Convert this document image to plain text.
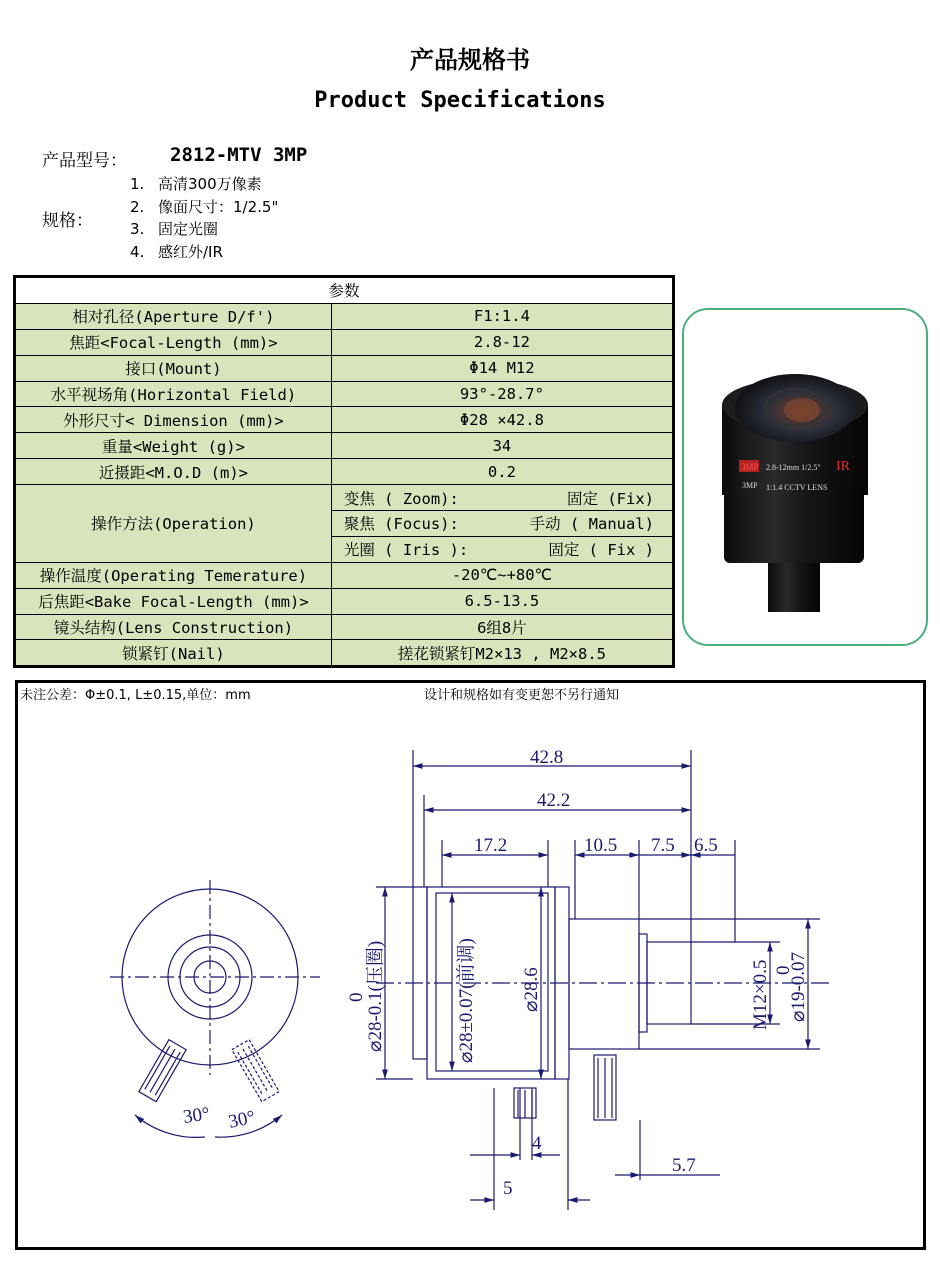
产品规格书
Product Specifications
产品型号： 2812-MTV 3MP
规格：
1. 高清300万像素
2. 像面尺寸：1/2.5"
3. 固定光圈
4. 感红外/IR
参数	
相对孔径(Aperture D/f')	F1:1.4
焦距<Focal-Length (mm)>	2.8-12
接口(Mount)	Φ14 M12
水平视场角(Horizontal Field)	93°-28.7°
外形尺寸< Dimension (mm)>	Φ28 ×42.8
重量<Weight (g)>	34
近摄距<M.O.D (m)>	0.2
操作方法(Operation)	变焦 ( Zoom): 固定 (Fix)

	聚焦 (Focus): 手动 ( Manual)

	光圈 ( Iris ): 固定 ( Fix )

操作温度(Operating Temerature)	-20℃~+80℃
后焦距<Bake Focal-Length (mm)>	6.5-13.5
镜头结构(Lens Construction)	6组8片
锁紧钉(Nail)	搓花锁紧钉M2×13 , M2×8.5
3MP
3MP
2.8-12mm 1/2.5"
1:1.4 CCTV LENS
IR
未注公差：Φ±0.1, L±0.15,单位：mm	设计和规格如有变更恕不另行通知
42.8
42.2
17.2	10.5 7.5 6.5
4
5
5.7
30° 30°
⌀28-0.1(压圈)	⌀28±0.07(前调) ⌀28.6	M12×0.5 ⌀19-0.07
0
0
